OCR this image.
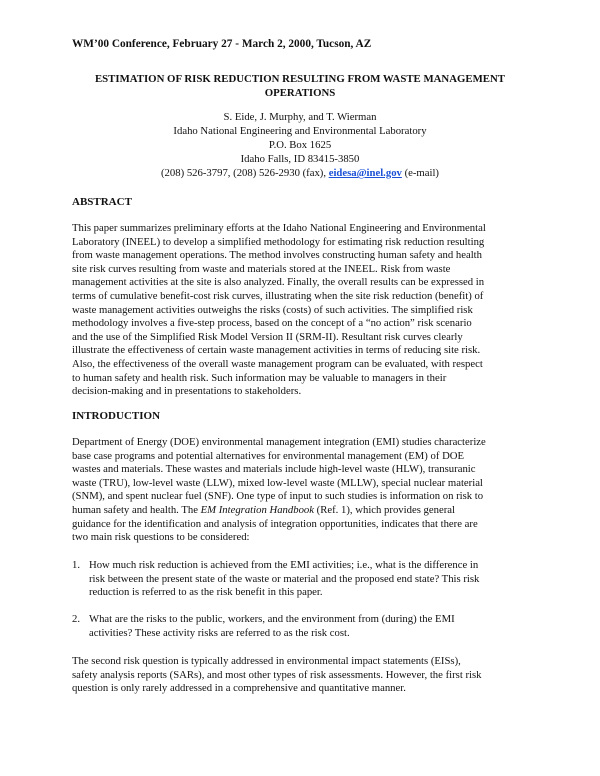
WM’00 Conference, February 27 - March 2, 2000, Tucson, AZ
ESTIMATION OF RISK REDUCTION RESULTING FROM WASTE MANAGEMENT
OPERATIONS
S. Eide, J. Murphy, and T. Wierman
Idaho National Engineering and Environmental Laboratory
P.O. Box 1625
Idaho Falls, ID 83415-3850
(208) 526-3797, (208) 526-2930 (fax), eidesa@inel.gov (e-mail)
ABSTRACT
This paper summarizes preliminary efforts at the Idaho National Engineering and Environmental
Laboratory (INEEL) to develop a simplified methodology for estimating risk reduction resulting
from waste management operations. The method involves constructing human safety and health
site risk curves resulting from waste and materials stored at the INEEL. Risk from waste
management activities at the site is also analyzed. Finally, the overall results can be expressed in
terms of cumulative benefit-cost risk curves, illustrating when the site risk reduction (benefit) of
waste management activities outweighs the risks (costs) of such activities. The simplified risk
methodology involves a five-step process, based on the concept of a “no action” risk scenario
and the use of the Simplified Risk Model Version II (SRM-II). Resultant risk curves clearly
illustrate the effectiveness of certain waste management activities in terms of reducing site risk.
Also, the effectiveness of the overall waste management program can be evaluated, with respect
to human safety and health risk. Such information may be valuable to managers in their
decision-making and in presentations to stakeholders.
INTRODUCTION
Department of Energy (DOE) environmental management integration (EMI) studies characterize
base case programs and potential alternatives for environmental management (EM) of DOE
wastes and materials. These wastes and materials include high-level waste (HLW), transuranic
waste (TRU), low-level waste (LLW), mixed low-level waste (MLLW), special nuclear material
(SNM), and spent nuclear fuel (SNF). One type of input to such studies is information on risk to
human safety and health. The EM Integration Handbook (Ref. 1), which provides general
guidance for the identification and analysis of integration opportunities, indicates that there are
two main risk questions to be considered:
1. How much risk reduction is achieved from the EMI activities; i.e., what is the difference in
risk between the present state of the waste or material and the proposed end state? This risk
reduction is referred to as the risk benefit in this paper.
2. What are the risks to the public, workers, and the environment from (during) the EMI
activities? These activity risks are referred to as the risk cost.
The second risk question is typically addressed in environmental impact statements (EISs),
safety analysis reports (SARs), and most other types of risk assessments. However, the first risk
question is only rarely addressed in a comprehensive and quantitative manner.
